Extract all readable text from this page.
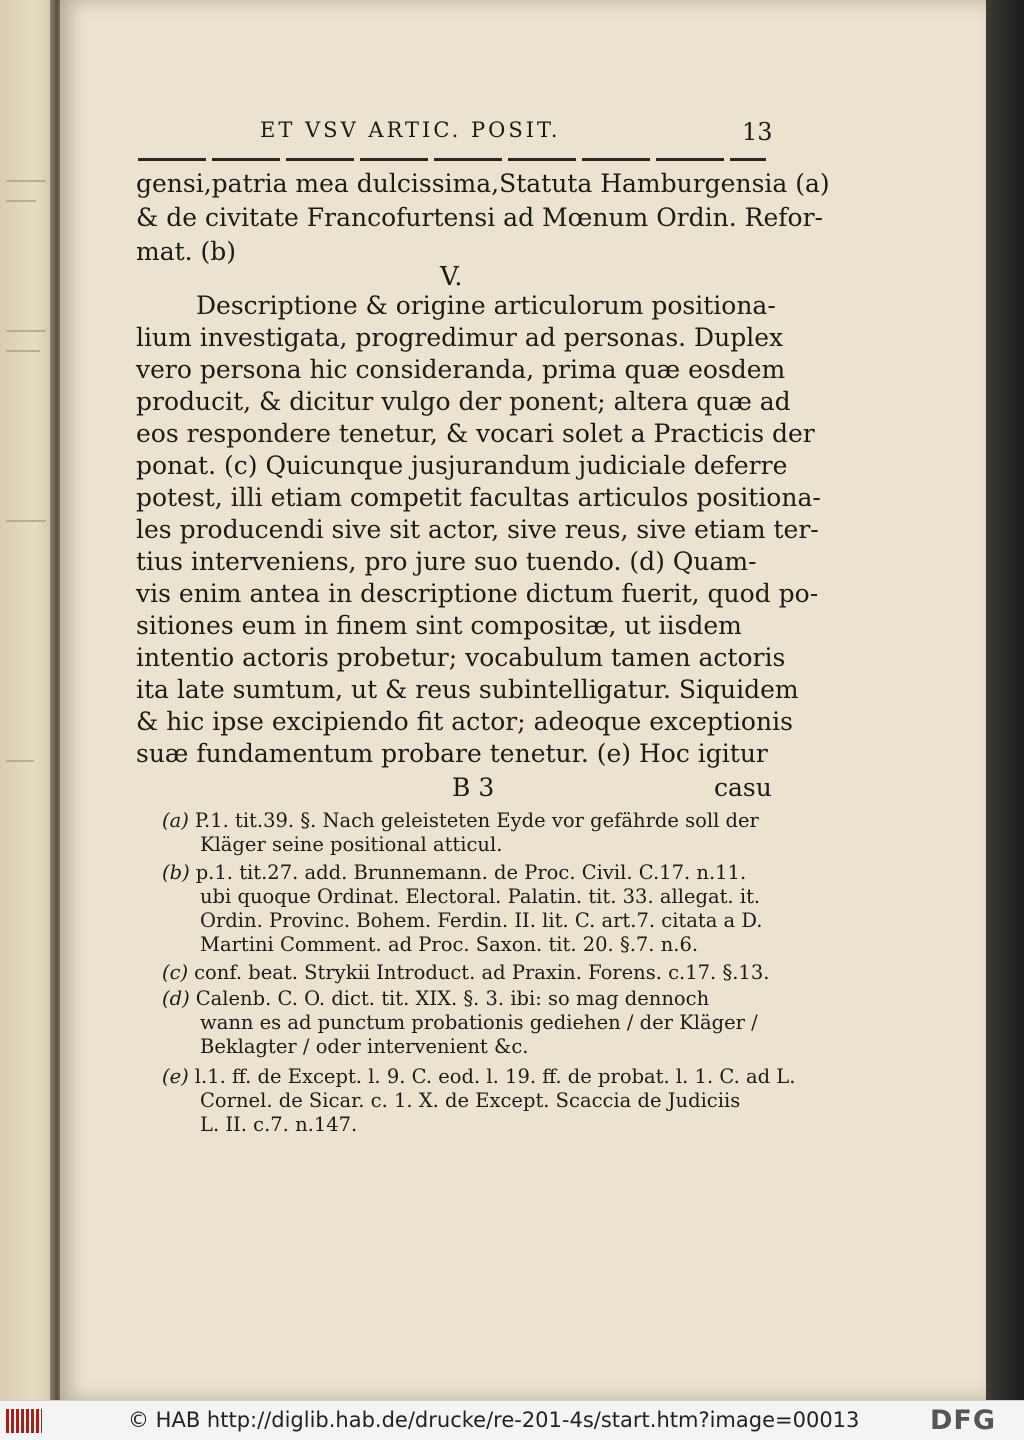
ET VSV ARTIC. POSIT.	13
gensi,patria mea dulcissima,Statuta Hamburgensia (a)
& de civitate Francofurtensi ad Mœnum Ordin. Refor-
mat. (b)
V.
Descriptione & origine articulorum positiona-
lium investigata, progredimur ad personas. Duplex
vero persona hic consideranda, prima quæ eosdem
producit, & dicitur vulgo der ponent; altera quæ ad
eos respondere tenetur, & vocari solet a Practicis der
ponat. (c) Quicunque jusjurandum judiciale deferre
potest, illi etiam competit facultas articulos positiona-
les producendi sive sit actor, sive reus, sive etiam ter-
tius interveniens, pro jure suo tuendo. (d) Quam-
vis enim antea in descriptione dictum fuerit, quod po-
sitiones eum in finem sint compositæ, ut iisdem
intentio actoris probetur; vocabulum tamen actoris
ita late sumtum, ut & reus subintelligatur. Siquidem
& hic ipse excipiendo fit actor; adeoque exceptionis
suæ fundamentum probare tenetur. (e) Hoc igitur
B 3	casu
(a) P.1. tit.39. §. Nach geleisteten Eyde vor gefährde soll der
Kläger seine positional atticul.
(b) p.1. tit.27. add. Brunnemann. de Proc. Civil. C.17. n.11.
ubi quoque Ordinat. Electoral. Palatin. tit. 33. allegat. it.
Ordin. Provinc. Bohem. Ferdin. II. lit. C. art.7. citata a D.
Martini Comment. ad Proc. Saxon. tit. 20. §.7. n.6.
(c) conf. beat. Strykii Introduct. ad Praxin. Forens. c.17. §.13.
(d) Calenb. C. O. dict. tit. XIX. §. 3. ibi: so mag dennoch
wann es ad punctum probationis gediehen / der Kläger /
Beklagter / oder intervenient &c.
(e) l.1. ff. de Except. l. 9. C. eod. l. 19. ff. de probat. l. 1. C. ad L.
Cornel. de Sicar. c. 1. X. de Except. Scaccia de Judiciis
L. II. c.7. n.147.
© HAB http://diglib.hab.de/drucke/re-201-4s/start.htm?image=00013	DFG
